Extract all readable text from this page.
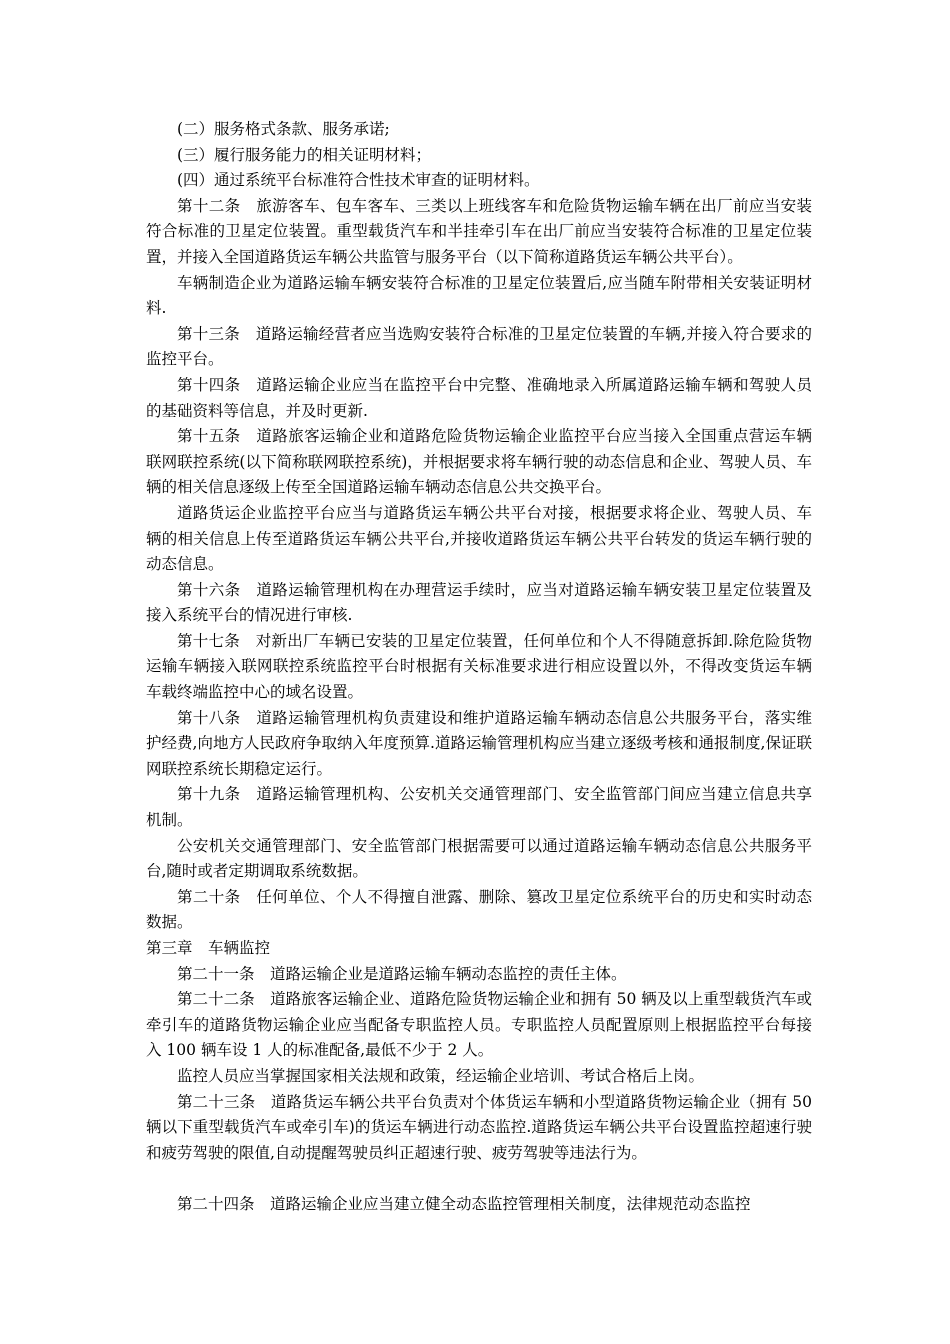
(二）服务格式条款、服务承诺;

(三）履行服务能力的相关证明材料；

(四）通过系统平台标准符合性技术审查的证明材料。

第十二条　旅游客车、包车客车、三类以上班线客车和危险货物运输车辆在出厂前应当安装符合标准的卫星定位装置。重型载货汽车和半挂牵引车在出厂前应当安装符合标准的卫星定位装置，并接入全国道路货运车辆公共监管与服务平台（以下简称道路货运车辆公共平台）。

车辆制造企业为道路运输车辆安装符合标准的卫星定位装置后,应当随车附带相关安装证明材料.

第十三条　道路运输经营者应当选购安装符合标准的卫星定位装置的车辆,并接入符合要求的监控平台。

第十四条　道路运输企业应当在监控平台中完整、准确地录入所属道路运输车辆和驾驶人员的基础资料等信息，并及时更新.

第十五条　道路旅客运输企业和道路危险货物运输企业监控平台应当接入全国重点营运车辆联网联控系统(以下简称联网联控系统)，并根据要求将车辆行驶的动态信息和企业、驾驶人员、车辆的相关信息逐级上传至全国道路运输车辆动态信息公共交换平台。

道路货运企业监控平台应当与道路货运车辆公共平台对接，根据要求将企业、驾驶人员、车辆的相关信息上传至道路货运车辆公共平台,并接收道路货运车辆公共平台转发的货运车辆行驶的动态信息。

第十六条　道路运输管理机构在办理营运手续时，应当对道路运输车辆安装卫星定位装置及接入系统平台的情况进行审核.

第十七条　对新出厂车辆已安装的卫星定位装置，任何单位和个人不得随意拆卸.除危险货物运输车辆接入联网联控系统监控平台时根据有关标准要求进行相应设置以外，不得改变货运车辆车载终端监控中心的域名设置。

第十八条　道路运输管理机构负责建设和维护道路运输车辆动态信息公共服务平台，落实维护经费,向地方人民政府争取纳入年度预算.道路运输管理机构应当建立逐级考核和通报制度,保证联网联控系统长期稳定运行。

第十九条　道路运输管理机构、公安机关交通管理部门、安全监管部门间应当建立信息共享机制。

公安机关交通管理部门、安全监管部门根据需要可以通过道路运输车辆动态信息公共服务平台,随时或者定期调取系统数据。

第二十条　任何单位、个人不得擅自泄露、删除、篡改卫星定位系统平台的历史和实时动态数据。

第三章　车辆监控

第二十一条　道路运输企业是道路运输车辆动态监控的责任主体。

第二十二条　道路旅客运输企业、道路危险货物运输企业和拥有 50 辆及以上重型载货汽车或牵引车的道路货物运输企业应当配备专职监控人员。专职监控人员配置原则上根据监控平台每接入 100 辆车设 1 人的标准配备,最低不少于 2 人。

监控人员应当掌握国家相关法规和政策，经运输企业培训、考试合格后上岗。

第二十三条　道路货运车辆公共平台负责对个体货运车辆和小型道路货物运输企业（拥有 50 辆以下重型载货汽车或牵引车)的货运车辆进行动态监控.道路货运车辆公共平台设置监控超速行驶和疲劳驾驶的限值,自动提醒驾驶员纠正超速行驶、疲劳驾驶等违法行为。

第二十四条　道路运输企业应当建立健全动态监控管理相关制度，法律规范动态监控
